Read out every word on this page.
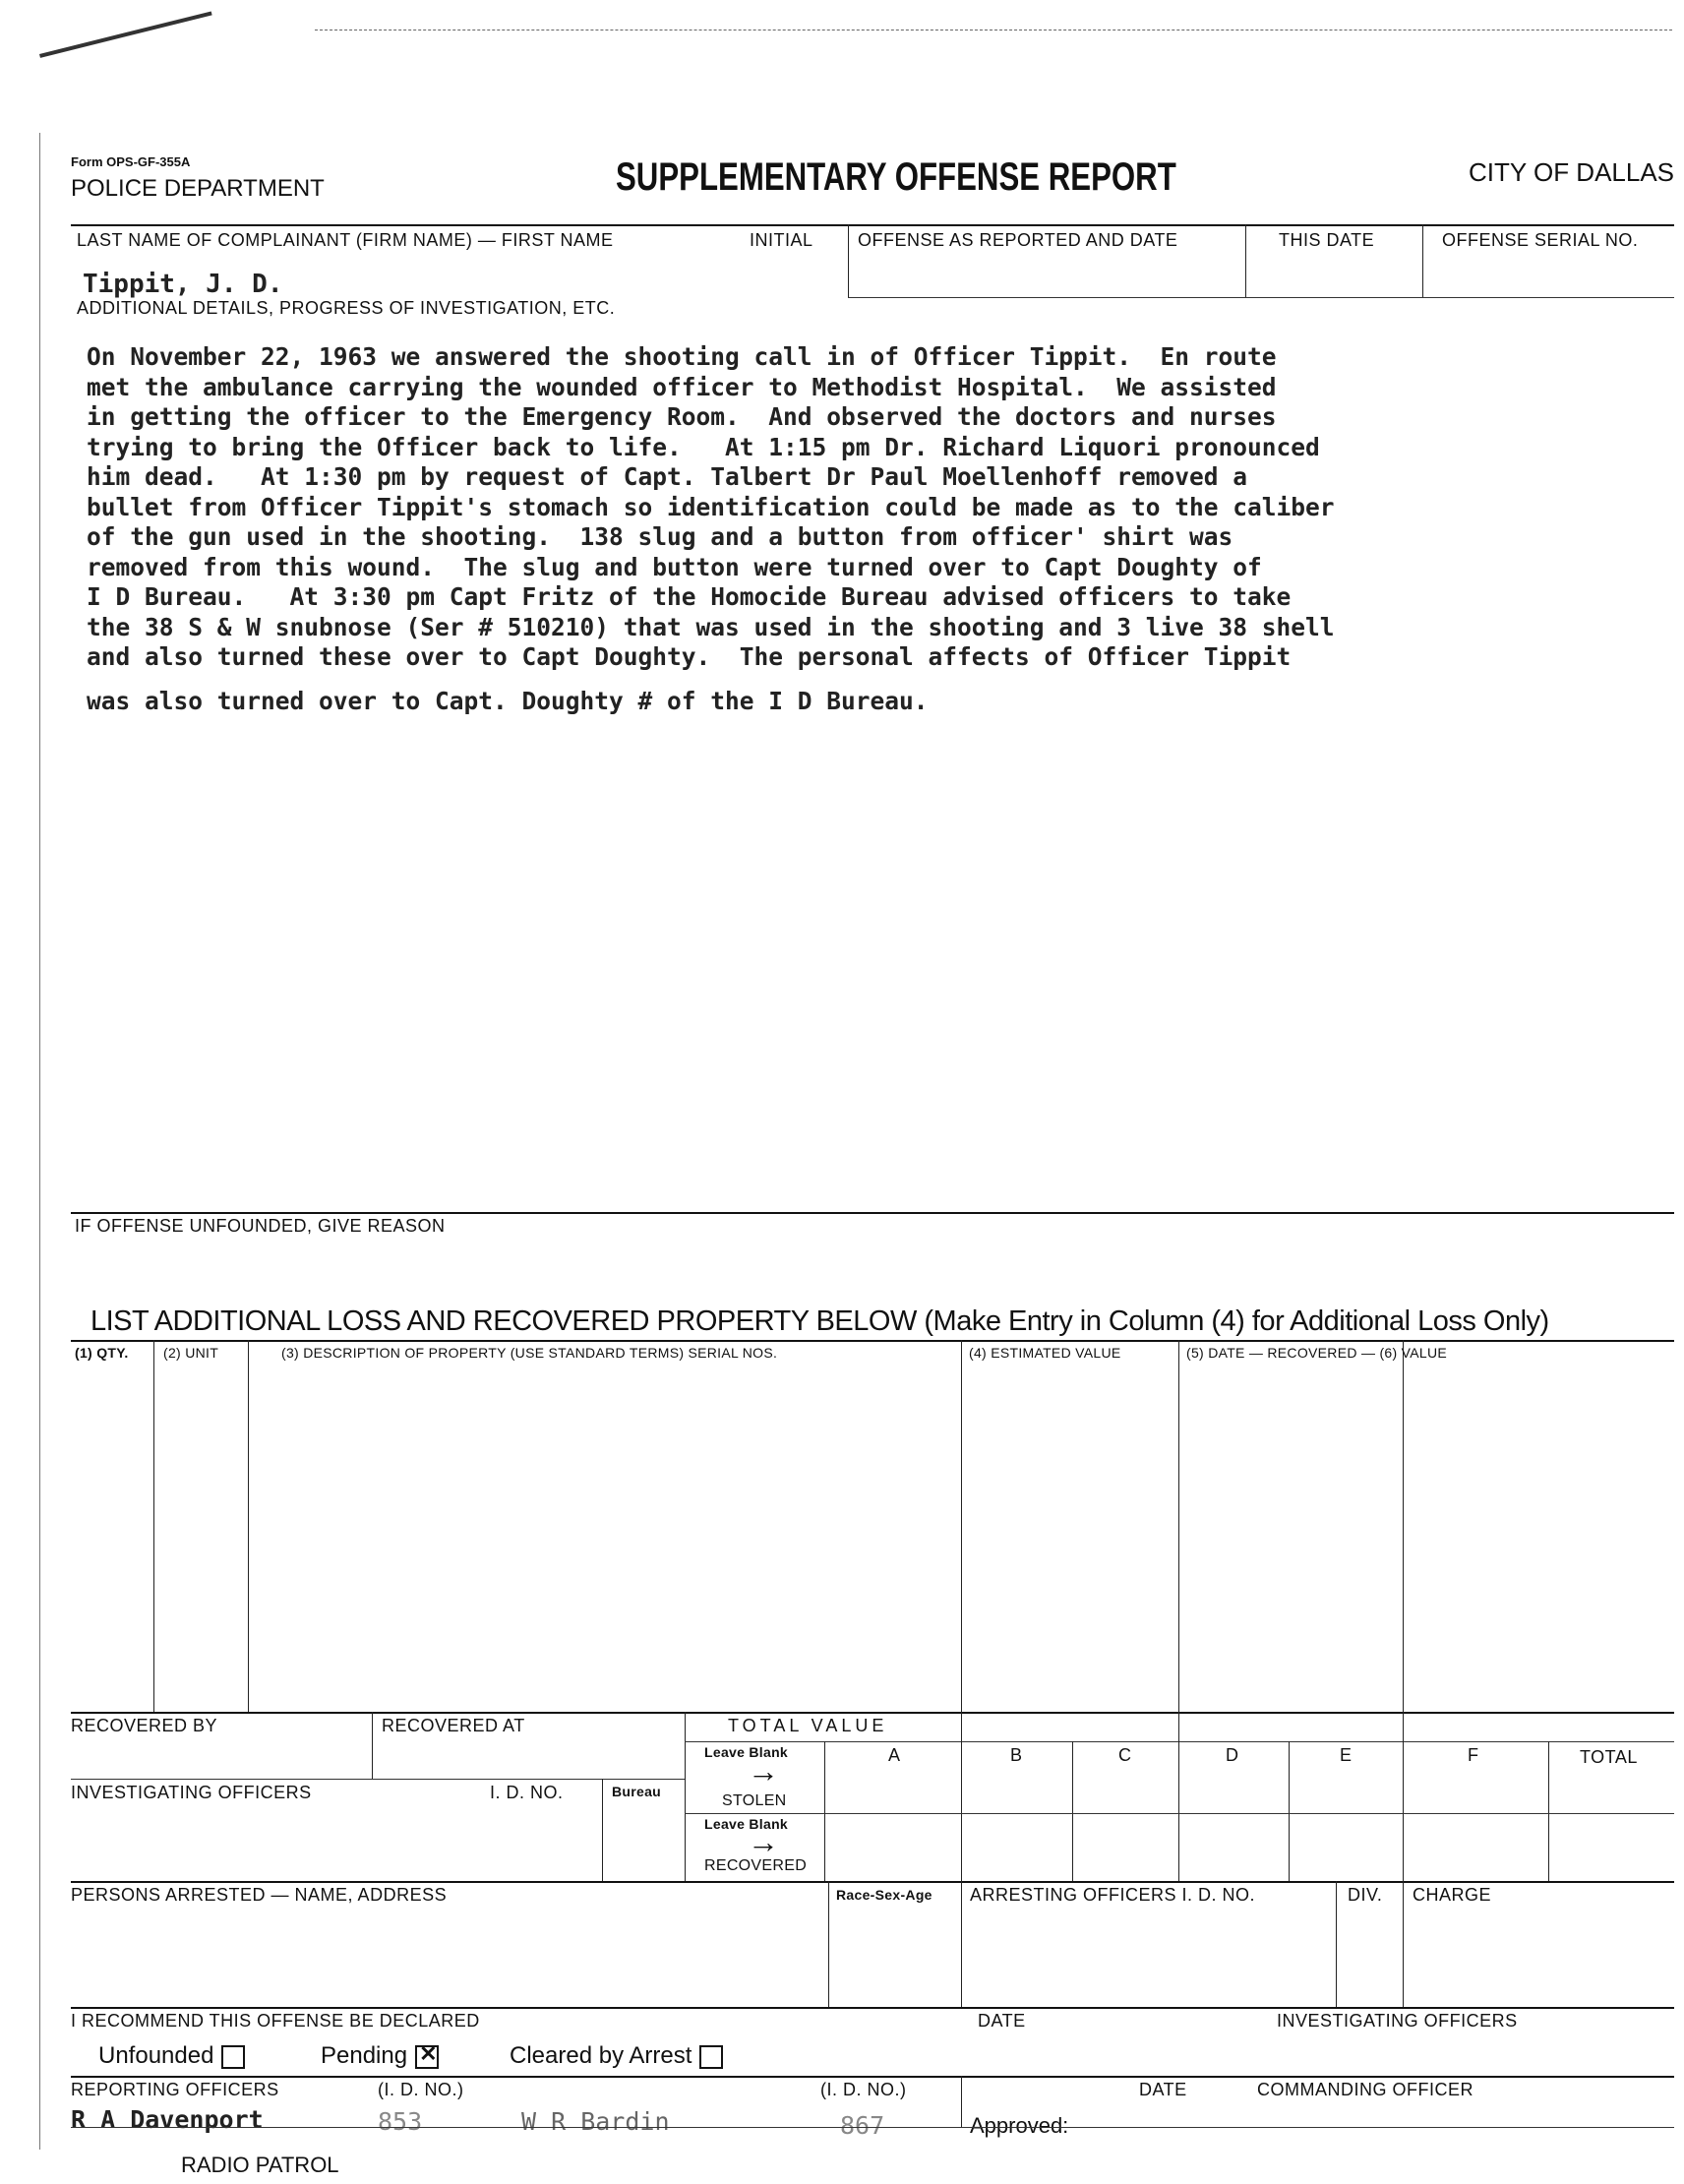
Form OPS-GF-355A
POLICE DEPARTMENT	SUPPLEMENTARY OFFENSE REPORT	CITY OF DALLAS
LAST NAME OF COMPLAINANT (FIRM NAME) — FIRST NAME	INITIAL	OFFENSE AS REPORTED AND DATE	THIS DATE	OFFENSE SERIAL NO.
Tippit, J. D.
ADDITIONAL DETAILS, PROGRESS OF INVESTIGATION, ETC.
On November 22, 1963 we answered the shooting call in of Officer Tippit.  En route
met the ambulance carrying the wounded officer to Methodist Hospital.  We assisted
in getting the officer to the Emergency Room.  And observed the doctors and nurses
trying to bring the Officer back to life.   At 1:15 pm Dr. Richard Liquori pronounced
him dead.   At 1:30 pm by request of Capt. Talbert Dr Paul Moellenhoff removed a
bullet from Officer Tippit's stomach so identification could be made as to the caliber
of the gun used in the shooting.  138 slug and a button from officer' shirt was
removed from this wound.  The slug and button were turned over to Capt Doughty of
I D Bureau.   At 3:30 pm Capt Fritz of the Homocide Bureau advised officers to take
the 38 S & W snubnose (Ser # 510210) that was used in the shooting and 3 live 38 shell
and also turned these over to Capt Doughty.  The personal affects of Officer Tippit
was also turned over to Capt. Doughty # of the I D Bureau.
IF OFFENSE UNFOUNDED, GIVE REASON
LIST ADDITIONAL LOSS AND RECOVERED PROPERTY BELOW (Make Entry in Column (4) for Additional Loss Only)
(1) QTY.	(2) UNIT	(3) DESCRIPTION OF PROPERTY (USE STANDARD TERMS) SERIAL NOS.	(4) ESTIMATED VALUE	(5) DATE — RECOVERED — (6) VALUE
RECOVERED BY	RECOVERED AT	TOTAL VALUE
A	B	C	D	E	F	TOTAL
Leave Blank
→
STOLEN
Leave Blank
→
RECOVERED
INVESTIGATING OFFICERS	I. D. NO.	Bureau
PERSONS ARRESTED — NAME, ADDRESS	Race-Sex-Age ARRESTING OFFICERS I. D. NO.	DIV. CHARGE
I RECOMMEND THIS OFFENSE BE DECLARED	DATE	INVESTIGATING OFFICERS
Unfounded	Pending ✕	Cleared by Arrest
REPORTING OFFICERS	(I. D. NO.)	(I. D. NO.)	DATE	COMMANDING OFFICER
R A Davenport	853	W R Bardin	867	Approved:
RADIO PATROL
